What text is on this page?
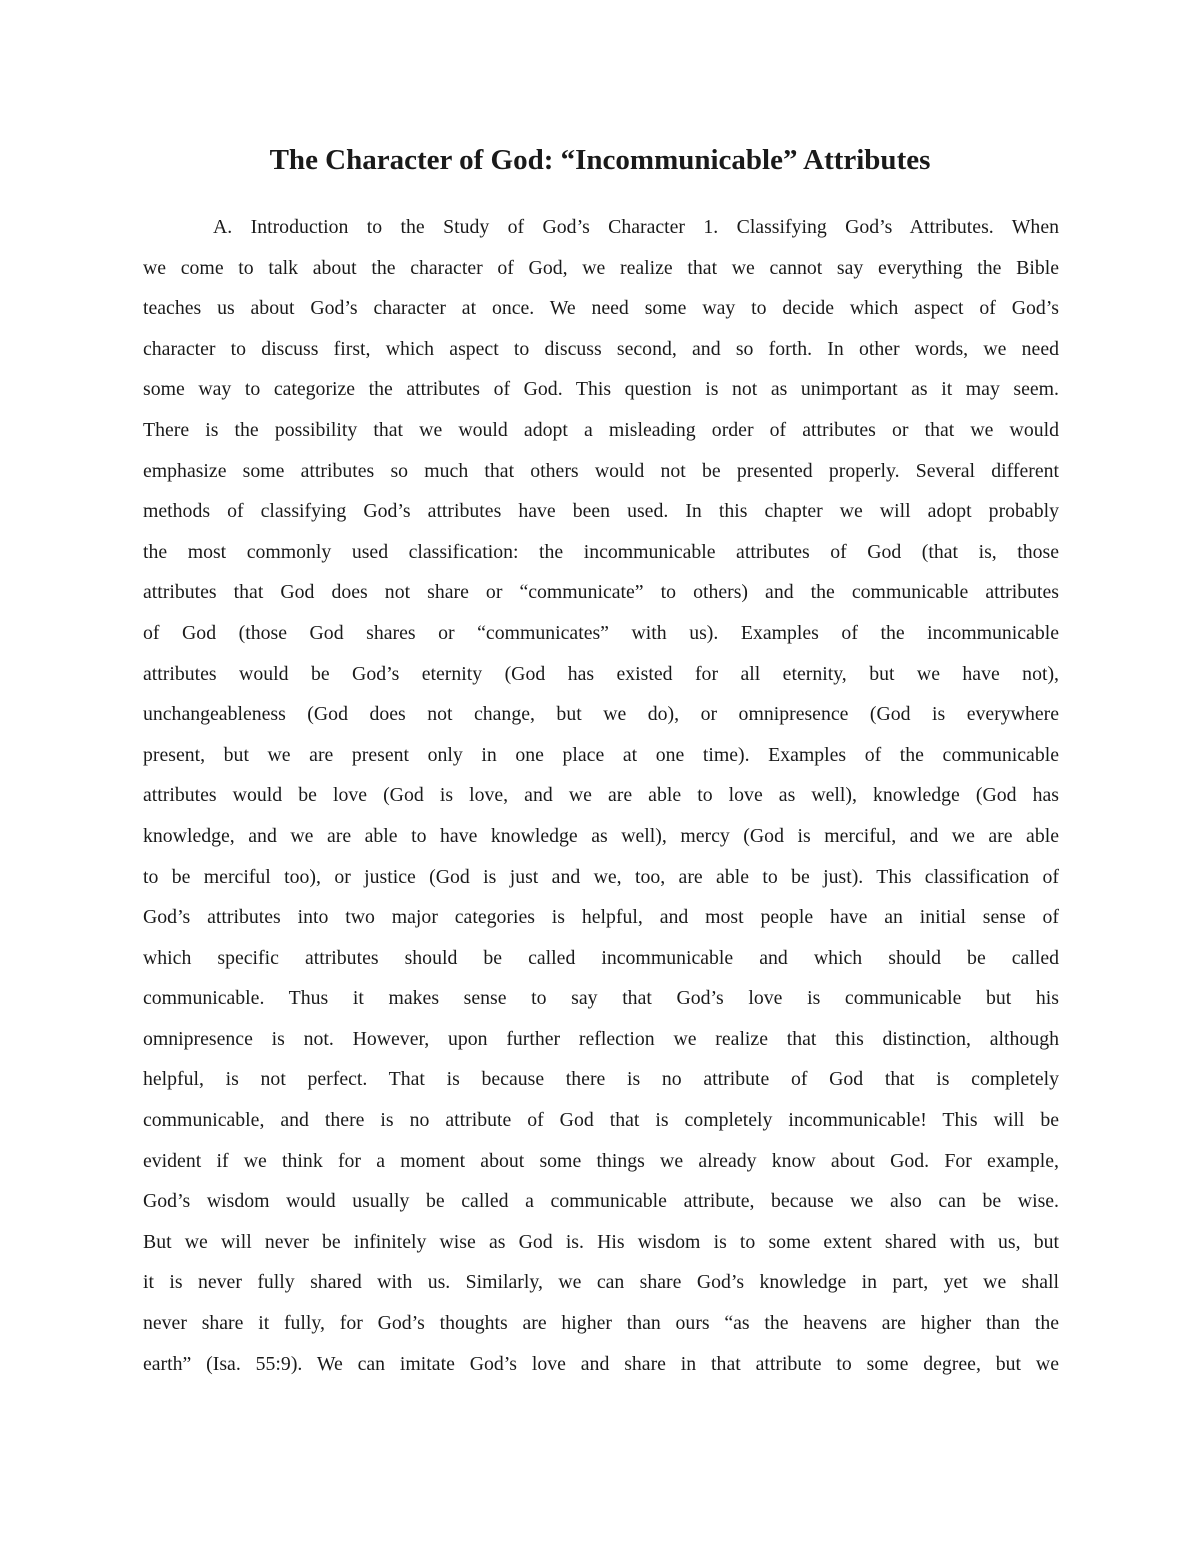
The Character of God: “Incommunicable” Attributes
A. Introduction to the Study of God’s Character 1. Classifying God’s Attributes. When
we come to talk about the character of God, we realize that we cannot say everything the Bible
teaches us about God’s character at once. We need some way to decide which aspect of God’s
character to discuss first, which aspect to discuss second, and so forth. In other words, we need
some way to categorize the attributes of God. This question is not as unimportant as it may seem.
There is the possibility that we would adopt a misleading order of attributes or that we would
emphasize some attributes so much that others would not be presented properly. Several different
methods of classifying God’s attributes have been used. In this chapter we will adopt probably
the most commonly used classification: the incommunicable attributes of God (that is, those
attributes that God does not share or “communicate” to others) and the communicable attributes
of God (those God shares or “communicates” with us). Examples of the incommunicable
attributes would be God’s eternity (God has existed for all eternity, but we have not),
unchangeableness (God does not change, but we do), or omnipresence (God is everywhere
present, but we are present only in one place at one time). Examples of the communicable
attributes would be love (God is love, and we are able to love as well), knowledge (God has
knowledge, and we are able to have knowledge as well), mercy (God is merciful, and we are able
to be merciful too), or justice (God is just and we, too, are able to be just). This classification of
God’s attributes into two major categories is helpful, and most people have an initial sense of
which specific attributes should be called incommunicable and which should be called
communicable. Thus it makes sense to say that God’s love is communicable but his
omnipresence is not. However, upon further reflection we realize that this distinction, although
helpful, is not perfect. That is because there is no attribute of God that is completely
communicable, and there is no attribute of God that is completely incommunicable! This will be
evident if we think for a moment about some things we already know about God. For example,
God’s wisdom would usually be called a communicable attribute, because we also can be wise.
But we will never be infinitely wise as God is. His wisdom is to some extent shared with us, but
it is never fully shared with us. Similarly, we can share God’s knowledge in part, yet we shall
never share it fully, for God’s thoughts are higher than ours “as the heavens are higher than the
earth” (Isa. 55:9). We can imitate God’s love and share in that attribute to some degree, but we
